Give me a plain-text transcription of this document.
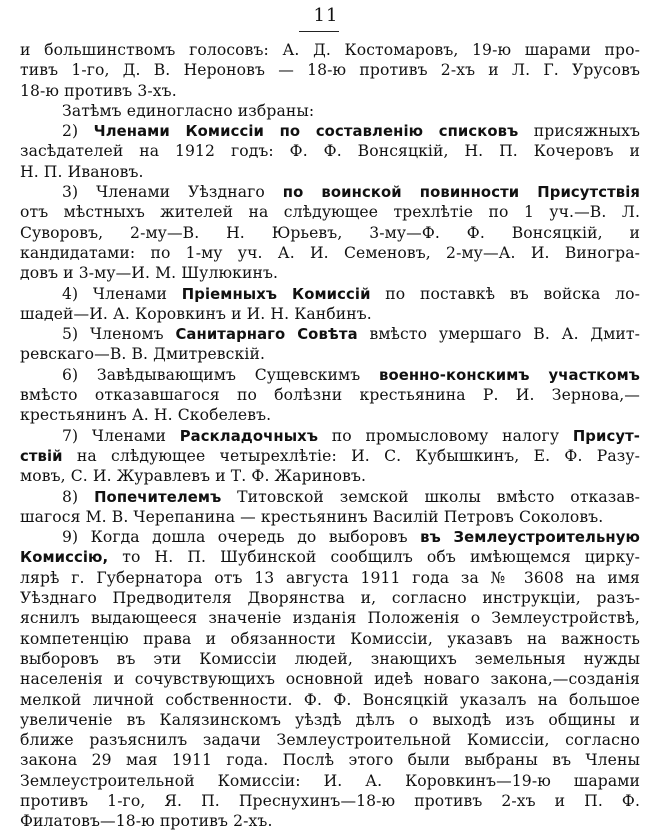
11
и большинствомъ голосовъ: А. Д. Костомаровъ, 19-ю шарами про-
тивъ 1-го, Д. В. Нероновъ — 18-ю противъ 2-хъ и Л. Г. Урусовъ
18-ю противъ 3-хъ.
Затѣмъ единогласно избраны:
2) Членами Комиссіи по составленію списковъ присяжныхъ
засѣдателей на 1912 годъ: Ф. Ф. Вонсяцкій, Н. П. Кочеровъ и
Н. П. Ивановъ.
3) Членами Уѣзднаго по воинской повинности Присутствія
отъ мѣстныхъ жителей на слѣдующее трехлѣтіе по 1 уч.—В. Л.
Суворовъ, 2-му—В. Н. Юрьевъ, 3-му—Ф. Ф. Вонсяцкій, и
кандидатами: по 1-му уч. А. И. Семеновъ, 2-му—А. И. Виногра-
довъ и 3-му—И. М. Шулюкинъ.
4) Членами Пріемныхъ Комиссій по поставкѣ въ войска ло-
шадей—И. А. Коровкинъ и И. Н. Канбинъ.
5) Членомъ Санитарнаго Совѣта вмѣсто умершаго В. А. Дмит-
ревскаго—В. В. Дмитревскій.
6) Завѣдывающимъ Сущевскимъ военно-конскимъ участкомъ
вмѣсто отказавшагося по болѣзни крестьянина Р. И. Зернова,—
крестьянинъ А. Н. Скобелевъ.
7) Членами Раскладочныхъ по промысловому налогу Присут-
ствій на слѣдующее четырехлѣтіе: И. С. Кубышкинъ, Е. Ф. Разу-
мовъ, С. И. Журавлевъ и Т. Ф. Жариновъ.
8) Попечителемъ Титовской земской школы вмѣсто отказав-
шагося М. В. Черепанина — крестьянинъ Василій Петровъ Соколовъ.
9) Когда дошла очередь до выборовъ въ Землеустроительную
Комиссію, то Н. П. Шубинской сообщилъ объ имѣющемся цирку-
лярѣ г. Губернатора отъ 13 августа 1911 года за № 3608 на имя
Уѣзднаго Предводителя Дворянства и, согласно инструкціи, разъ-
яснилъ выдающееся значеніе изданія Положенія о Землеустройствѣ,
компетенцію права и обязанности Комиссіи, указавъ на важность
выборовъ въ эти Комиссіи людей, знающихъ земельныя нужды
населенія и сочувствующихъ основной идеѣ новаго закона,—созданія
мелкой личной собственности. Ф. Ф. Вонсяцкій указалъ на большое
увеличеніе въ Калязинскомъ уѣздѣ дѣлъ о выходѣ изъ общины и
ближе разъяснилъ задачи Землеустроительной Комиссіи, согласно
закона 29 мая 1911 года. Послѣ этого были выбраны въ Члены
Землеустроительной Комиссіи: И. А. Коровкинъ—19-ю шарами
противъ 1-го, Я. П. Преснухинъ—18-ю противъ 2-хъ и П. Ф.
Филатовъ—18-ю противъ 2-хъ.
